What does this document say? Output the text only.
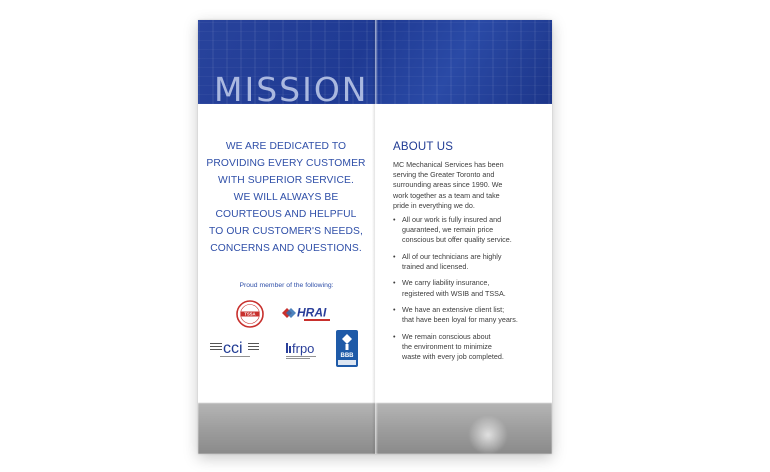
MISSION
WE ARE DEDICATED TO
PROVIDING EVERY CUSTOMER
WITH SUPERIOR SERVICE.
WE WILL ALWAYS BE
COURTEOUS AND HELPFUL
TO OUR CUSTOMER'S NEEDS,
CONCERNS AND QUESTIONS.
Proud member of the following:
TSSA	HRAI
cci	frpo	BBB
ABOUT US
MC Mechanical Services has been
serving the Greater Toronto and
surrounding areas since 1990. We
work together as a team and take
pride in everything we do.
• All our work is fully insured and
guaranteed, we remain price
conscious but offer quality service.
• All of our technicians are highly
trained and licensed.
• We carry liability insurance,
registered with WSIB and TSSA.
• We have an extensive client list;
that have been loyal for many years.
• We remain conscious about
the environment to minimize
waste with every job completed.
